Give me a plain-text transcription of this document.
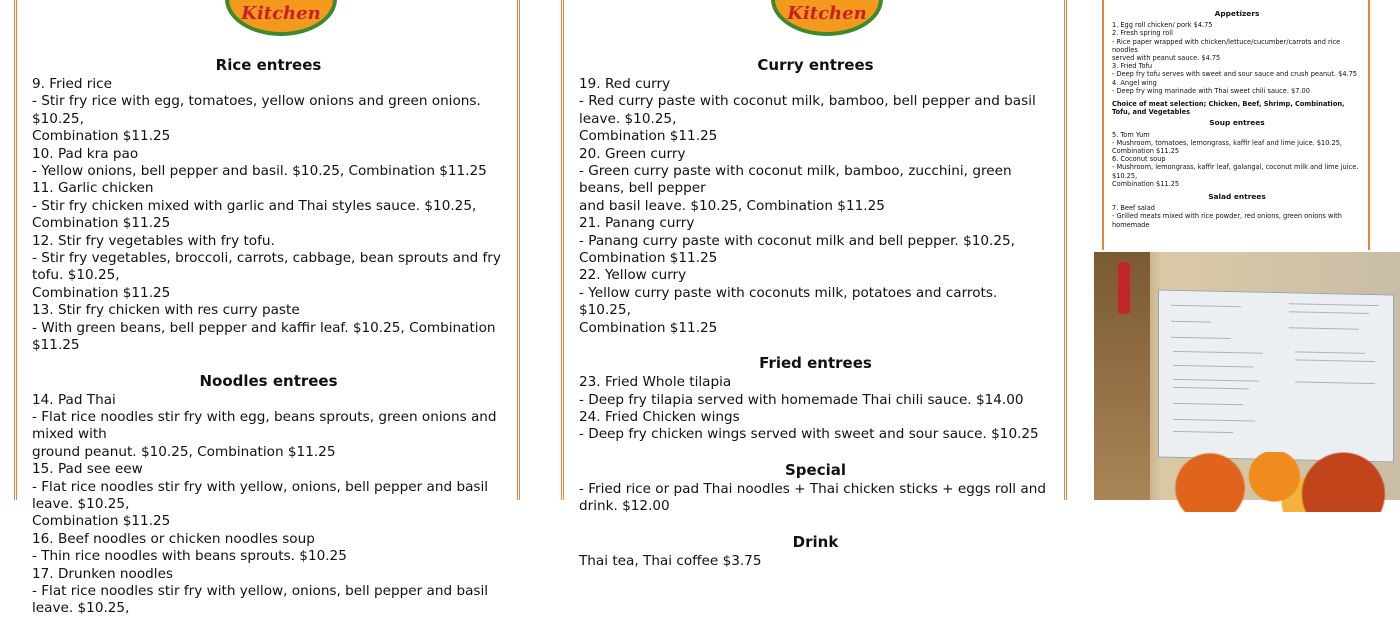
Kitchen
Rice entrees
9. Fried rice
- Stir fry rice with egg, tomatoes, yellow onions and green onions. $10.25,
Combination $11.25
10. Pad kra pao
- Yellow onions, bell pepper and basil. $10.25, Combination $11.25
11. Garlic chicken
- Stir fry chicken mixed with garlic and Thai styles sauce. $10.25,
Combination $11.25
12. Stir fry vegetables with fry tofu.
- Stir fry vegetables, broccoli, carrots, cabbage, bean sprouts and fry tofu. $10.25,
Combination $11.25
13. Stir fry chicken with res curry paste
- With green beans, bell pepper and kaffir leaf. $10.25, Combination $11.25
Noodles entrees
14. Pad Thai
- Flat rice noodles stir fry with egg, beans sprouts, green onions and mixed with
ground peanut. $10.25, Combination $11.25
15. Pad see eew
- Flat rice noodles stir fry with yellow, onions, bell pepper and basil leave. $10.25,
Combination $11.25
16. Beef noodles or chicken noodles soup
- Thin rice noodles with beans sprouts. $10.25
17. Drunken noodles
- Flat rice noodles stir fry with yellow, onions, bell pepper and basil leave. $10.25,
Kitchen
Curry entrees
19. Red curry
- Red curry paste with coconut milk, bamboo, bell pepper and basil leave. $10.25,
Combination $11.25
20. Green curry
- Green curry paste with coconut milk, bamboo, zucchini, green beans, bell pepper
and basil leave. $10.25, Combination $11.25
21. Panang curry
- Panang curry paste with coconut milk and bell pepper. $10.25,
Combination $11.25
22. Yellow curry
- Yellow curry paste with coconuts milk, potatoes and carrots. $10.25,
Combination $11.25
Fried entrees
23. Fried Whole tilapia
- Deep fry tilapia served with homemade Thai chili sauce. $14.00
24. Fried Chicken wings
- Deep fry chicken wings served with sweet and sour sauce. $10.25
Special
- Fried rice or pad Thai noodles + Thai chicken sticks + eggs roll and drink. $12.00
Drink
Thai tea, Thai coffee $3.75
Appetizers
1. Egg roll chicken/ pork $4.75
2. Fresh spring roll
- Rice paper wrapped with chicken/lettuce/cucumber/carrots and rice noodles
served with peanut sauce. $4.75
3. Fried Tofu
- Deep fry tofu serves with sweet and sour sauce and crush peanut. $4.75
4. Angel wing
- Deep fry wing marinade with Thai sweet chili sauce. $7.00
Choice of meat selection; Chicken, Beef, Shrimp, Combination, Tofu, and Vegetables
Soup entrees
5. Tom Yum
- Mushroom, tomatoes, lemongrass, kaffir leaf and lime juice. $10.25,
Combination $11.25
6. Coconut soup
- Mushroom, lemongrass, kaffir leaf, galangal, coconut milk and lime juice. $10.25,
Combination $11.25
Salad entrees
7. Beef salad
- Grilled meats mixed with rice powder, red onions, green onions with homemade
